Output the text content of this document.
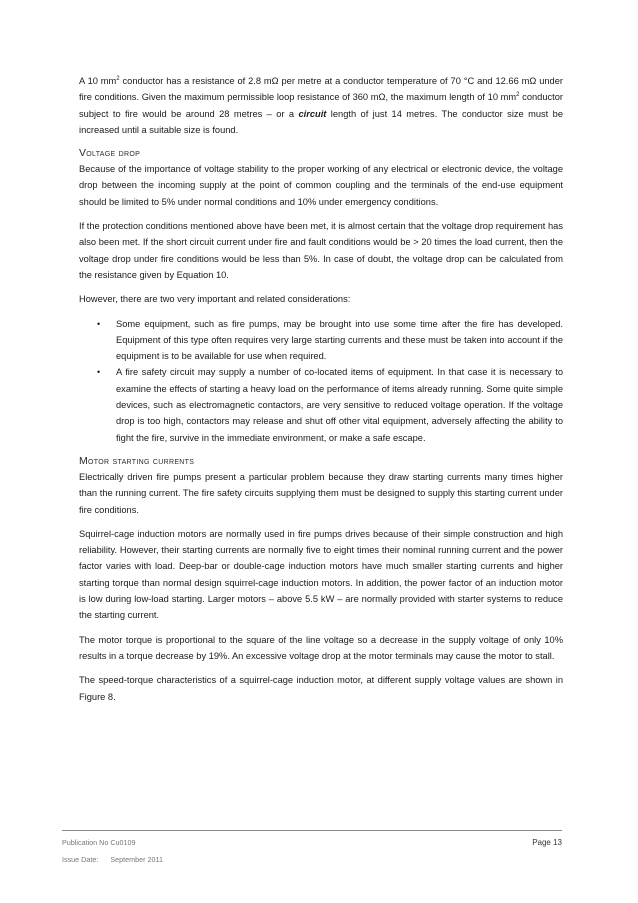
A 10 $mm^2$ conductor has a resistance of 2.8 mΩ per metre at a conductor temperature of 70 °C and 12.66 mΩ under fire conditions. Given the maximum permissible loop resistance of 360 mΩ, the maximum length of 10 $mm^2$ conductor subject to fire would be around 28 metres – or a circuit length of just 14 metres. The conductor size must be increased until a suitable size is found.

Voltage drop

Because of the importance of voltage stability to the proper working of any electrical or electronic device, the voltage drop between the incoming supply at the point of common coupling and the terminals of the end-use equipment should be limited to 5% under normal conditions and 10% under emergency conditions.

If the protection conditions mentioned above have been met, it is almost certain that the voltage drop requirement has also been met. If the short circuit current under fire and fault conditions would be > 20 times the load current, then the voltage drop under fire conditions would be less than 5%. In case of doubt, the voltage drop can be calculated from the resistance given by Equation 10.

However, there are two very important and related considerations:

• Some equipment, such as fire pumps, may be brought into use some time after the fire has developed. Equipment of this type often requires very large starting currents and these must be taken into account if the equipment is to be available for use when required.
• A fire safety circuit may supply a number of co-located items of equipment. In that case it is necessary to examine the effects of starting a heavy load on the performance of items already running. Some quite simple devices, such as electromagnetic contactors, are very sensitive to reduced voltage operation. If the voltage drop is too high, contactors may release and shut off other vital equipment, adversely affecting the ability to fight the fire, survive in the immediate environment, or make a safe escape.
Motor starting currents

Electrically driven fire pumps present a particular problem because they draw starting currents many times higher than the running current. The fire safety circuits supplying them must be designed to supply this starting current under fire conditions.

Squirrel-cage induction motors are normally used in fire pumps drives because of their simple construction and high reliability. However, their starting currents are normally five to eight times their nominal running current and the power factor varies with load. Deep-bar or double-cage induction motors have much smaller starting currents and higher starting torque than normal design squirrel-cage induction motors. In addition, the power factor of an induction motor is low during low-load starting. Larger motors – above 5.5 kW – are normally provided with starter systems to reduce the starting current.

The motor torque is proportional to the square of the line voltage so a decrease in the supply voltage of only 10% results in a torque decrease by 19%. An excessive voltage drop at the motor terminals may cause the motor to stall.

The speed-torque characteristics of a squirrel-cage induction motor, at different supply voltage values are shown in Figure 8.

Publication No Cu0109	Page 13
Issue Date: September 2011
